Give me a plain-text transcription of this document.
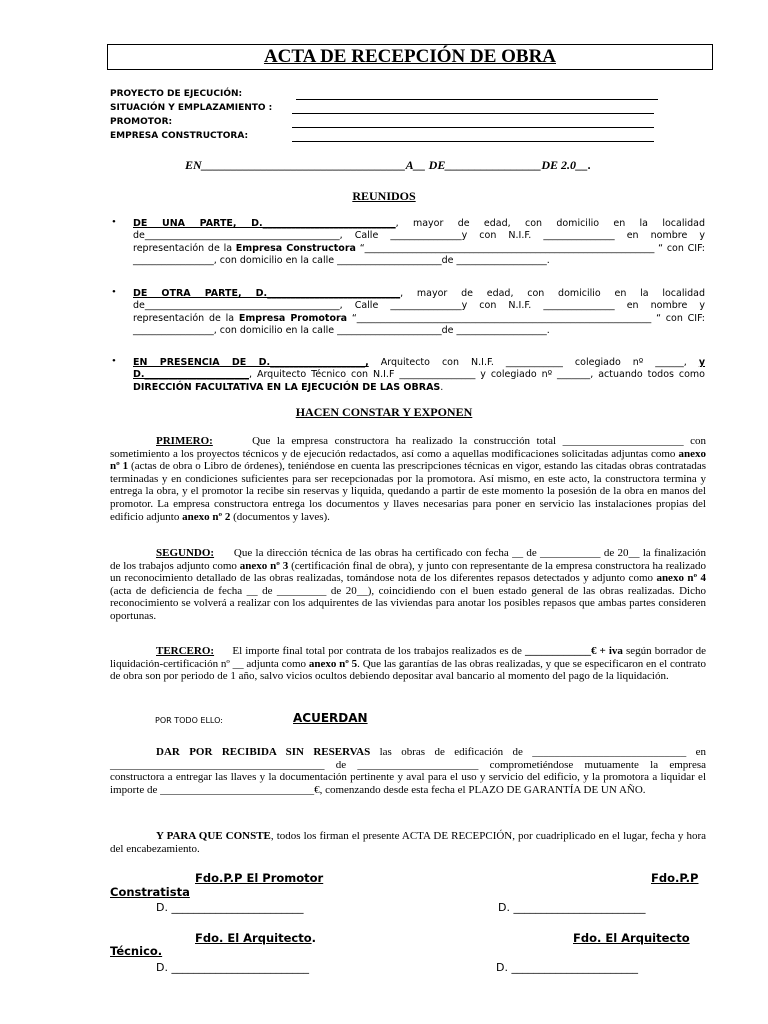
ACTA DE RECEPCIÓN DE OBRA
PROYECTO DE EJECUCIÓN:
SITUACIÓN Y EMPLAZAMIENTO :
PROMOTOR:
EMPRESA CONSTRUCTORA:
EN__________________________________A__ DE________________DE 2.0__.
REUNIDOS
• DE UNA PARTE, D.____________________________, mayor de edad, con domicilio en la localidad de_________________________________________, Calle _______________y con N.I.F. _______________ en nombre y representación de la Empresa Constructora “_____________________________________________________________ “ con CIF: _________________, con domicilio en la calle ______________________de ___________________.
• DE OTRA PARTE, D.____________________________, mayor de edad, con domicilio en la localidad de_________________________________________, Calle _______________y con N.I.F. _______________ en nombre y representación de la Empresa Promotora “______________________________________________________________ “ con CIF: _________________, con domicilio en la calle ______________________de ___________________.
• EN PRESENCIA DE D.____________________, Arquitecto con N.I.F. ____________ colegiado nº ______, y D.______________________, Arquitecto Técnico con N.I.F ________________ y colegiado nº _______, actuando todos como DIRECCIÓN FACULTATIVA EN LA EJECUCIÓN DE LAS OBRAS.
HACEN CONSTAR Y EXPONEN
PRIMERO:	Que la empresa constructora ha realizado la construcción total ______________________ con sometimiento a los proyectos técnicos y de ejecución redactados, así como a aquellas modificaciones solicitadas adjuntas como anexo nº 1 (actas de obra o Libro de órdenes), teniéndose en cuenta las prescripciones técnicas en vigor, estando las citadas obras contratadas terminadas y en condiciones suficientes para ser recepcionadas por la promotora. Así mismo, en este acto, la constructora termina y entrega la obra, y el promotor la recibe sin reservas y liquida, quedando a partir de este momento la posesión de la obra en manos del promotor. La empresa constructora entrega los documentos y llaves necesarias para poner en servicio las instalaciones propias del edificio adjunto anexo nº 2 (documentos y laves).
SEGUNDO: Que la dirección técnica de las obras ha certificado con fecha __ de ___________ de 20__ la finalización de los trabajos adjunto como anexo nº 3 (certificación final de obra), y junto con representante de la empresa constructora ha realizado un reconocimiento detallado de las obras realizadas, tomándose nota de los diferentes repasos detectados y adjunto como anexo nº 4 (acta de deficiencia de fecha __ de _________ de 20__), coincidiendo con el buen estado general de las obras realizadas. Dicho reconocimiento se volverá a realizar con los adquirentes de las viviendas para anotar los posibles repasos que ambas partes consideren oportunas.
TERCERO: El importe final total por contrata de los trabajos realizados es de ____________€ + iva según borrador de liquidación-certificación nº __ adjunta como anexo nº 5. Que las garantías de las obras realizadas, y que se especificaron en el contrato de obra son por periodo de 1 año, salvo vicios ocultos debiendo depositar aval bancario al momento del pago de la liquidación.
POR TODO ELLO:	ACUERDAN
DAR POR RECIBIDA SIN RESERVAS las obras de edificación de ____________________________ en _______________________________________ de ______________________ comprometiéndose mutuamente la empresa constructora a entregar las llaves y la documentación pertinente y aval para el uso y servicio del edificio, y la promotora a liquidar el importe de ____________________________€, comenzando desde esta fecha el PLAZO DE GARANTÍA DE UN AÑO.
Y PARA QUE CONSTE, todos los firman el presente ACTA DE RECEPCIÓN, por cuadriplicado en el lugar, fecha y hora del encabezamiento.
Fdo.P.P El Promotor	Fdo.P.P
Constratista
D. ________________________	D. ________________________
Fdo. El Arquitecto.	Fdo. El Arquitecto
Técnico.
D. _________________________	D. _______________________
